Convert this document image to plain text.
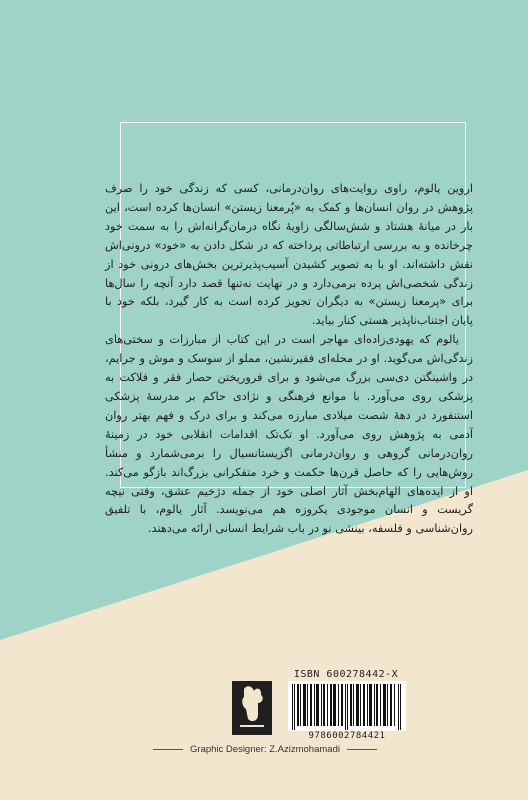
اروین یالوم، راوی روایت‌های روان‌درمانی، کسی که زندگی خود را صرف پژوهش در روان انسان‌ها و کمک به «پُرمعنا زیستن» انسان‌ها کرده است، این بار در میانهٔ هشتاد و شش‌سالگی زاویهٔ نگاه درمان‌گرانه‌اش را به سمت خود چرخانده و به بررسی ارتباطاتی پرداخته که در شکل دادن به «خود» درونی‌اش نقش داشته‌اند. او با به تصویر کشیدن آسیب‌پذیرترین بخش‌های درونی خود از زندگی شخصی‌اش پرده برمی‌دارد و در نهایت نه‌تنها قصد دارد آنچه را سال‌ها برای «پرمعنا زیستن» به دیگران تجویز کرده است به کار گیرد، بلکه خود با پایان اجتناب‌ناپذیر هستی کنار بیاید.

یالوم که یهودی‌زاده‌ای مهاجر است در این کتاب از مبارزات و سختی‌های زندگی‌اش می‌گوید. او در محله‌ای فقیرنشین، مملو از سوسک و موش و جرایم، در واشینگتن دی‌سی بزرگ می‌شود و برای فروریختن حصار فقر و فلاکت به پزشکی روی می‌آورد. با موانع فرهنگی و نژادی حاکم بر مدرسهٔ پزشکی استنفورد در دههٔ شصت میلادی مبارزه می‌کند و برای درک و فهم بهتر روان آدمی به پژوهش روی می‌آورد. او تک‌تک اقدامات انقلابی خود در زمینهٔ روان‌درمانی گروهی و روان‌درمانی اگزیستانسیال را برمی‌شمارد و منشأ روش‌هایی را که حاصل قرن‌ها حکمت و خرد متفکرانی بزرگ‌اند بازگو می‌کند. او از ایده‌های الهام‌بخش آثار اصلی خود از جمله دژخیم عشق، وقتی نیچه گریست و انسان موجودی یکروزه هم می‌نویسد. آثار یالوم، با تلفیق روان‌شناسی و فلسفه، بینشی نو در باب شرایط انسانی ارائه می‌دهند.

ISBN 600278442-X
9786002784421
Graphic Designer: Z.Azizmohamadi
